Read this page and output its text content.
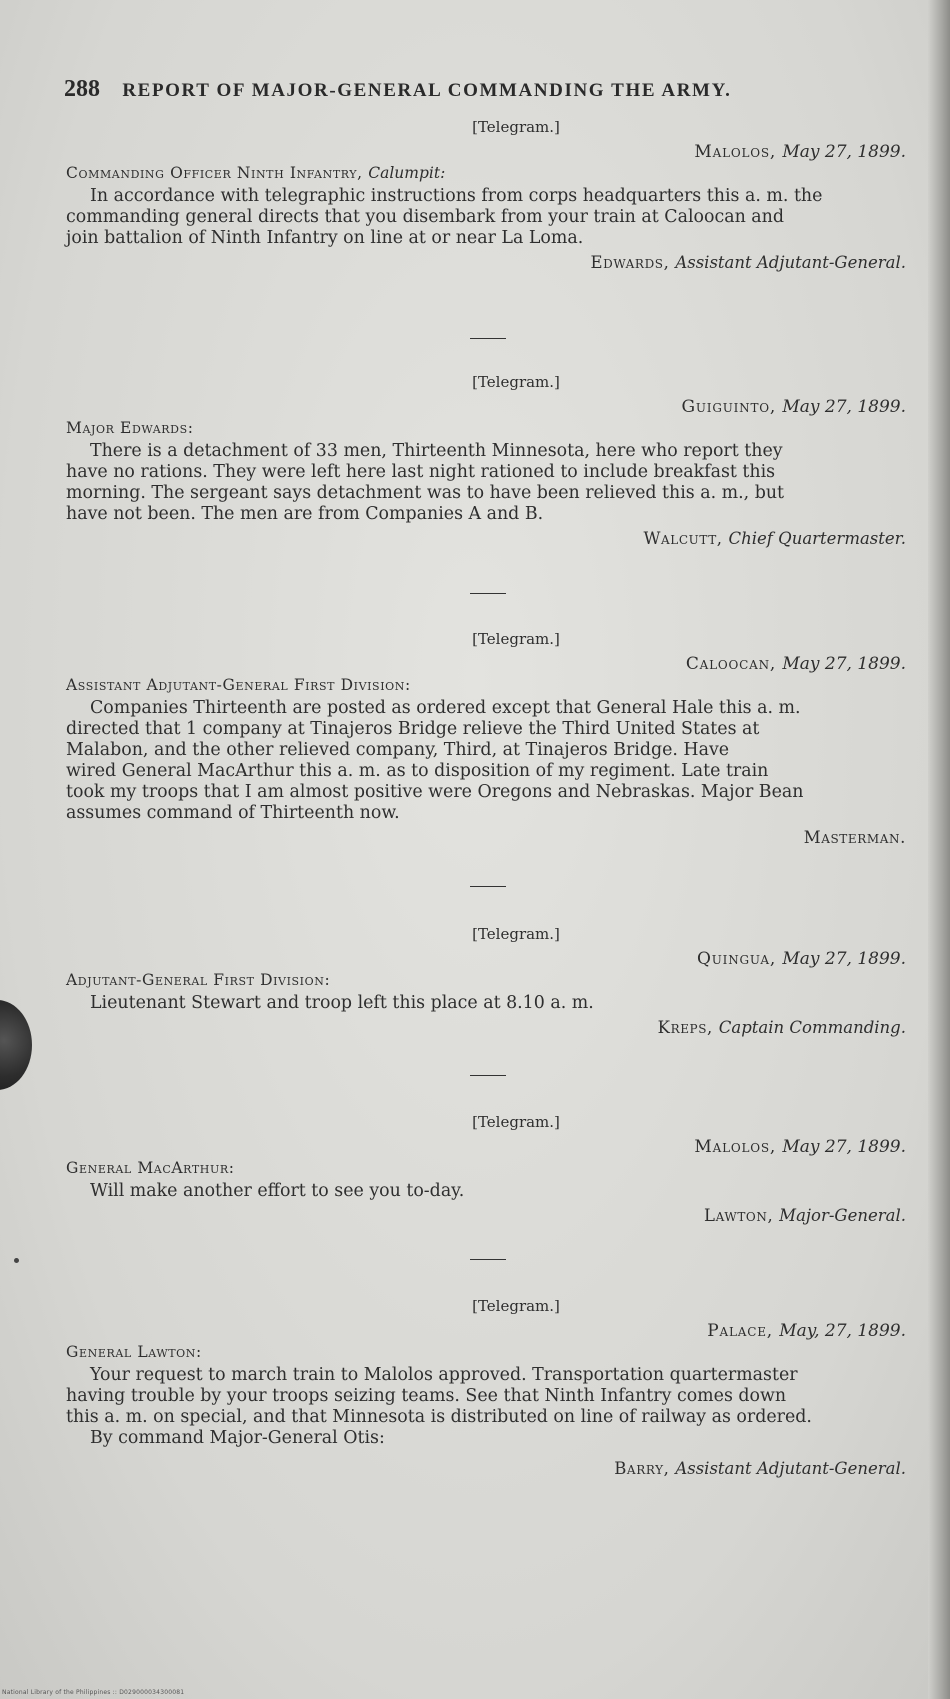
288 REPORT OF MAJOR-GENERAL COMMANDING THE ARMY.
[Telegram.]
Malolos, May 27, 1899.
Commanding Officer Ninth Infantry, Calumpit:
In accordance with telegraphic instructions from corps headquarters this a. m. the
commanding general directs that you disembark from your train at Caloocan and
join battalion of Ninth Infantry on line at or near La Loma.
Edwards, Assistant Adjutant-General.
[Telegram.]
Guiguinto, May 27, 1899.
Major Edwards:
There is a detachment of 33 men, Thirteenth Minnesota, here who report they
have no rations. They were left here last night rationed to include breakfast this
morning. The sergeant says detachment was to have been relieved this a. m., but
have not been. The men are from Companies A and B.
Walcutt, Chief Quartermaster.
[Telegram.]
Caloocan, May 27, 1899.
Assistant Adjutant-General First Division:
Companies Thirteenth are posted as ordered except that General Hale this a. m.
directed that 1 company at Tinajeros Bridge relieve the Third United States at
Malabon, and the other relieved company, Third, at Tinajeros Bridge. Have
wired General MacArthur this a. m. as to disposition of my regiment. Late train
took my troops that I am almost positive were Oregons and Nebraskas. Major Bean
assumes command of Thirteenth now.
Masterman.
[Telegram.]
Quingua, May 27, 1899.
Adjutant-General First Division:
Lieutenant Stewart and troop left this place at 8.10 a. m.
Kreps, Captain Commanding.
[Telegram.]
Malolos, May 27, 1899.
General MacArthur:
Will make another effort to see you to-day.
Lawton, Major-General.
[Telegram.]
Palace, May, 27, 1899.
General Lawton:
Your request to march train to Malolos approved. Transportation quartermaster
having trouble by your troops seizing teams. See that Ninth Infantry comes down
this a. m. on special, and that Minnesota is distributed on line of railway as ordered.
By command Major-General Otis:
Barry, Assistant Adjutant-General.
National Library of the Philippines :: D029000034300081
